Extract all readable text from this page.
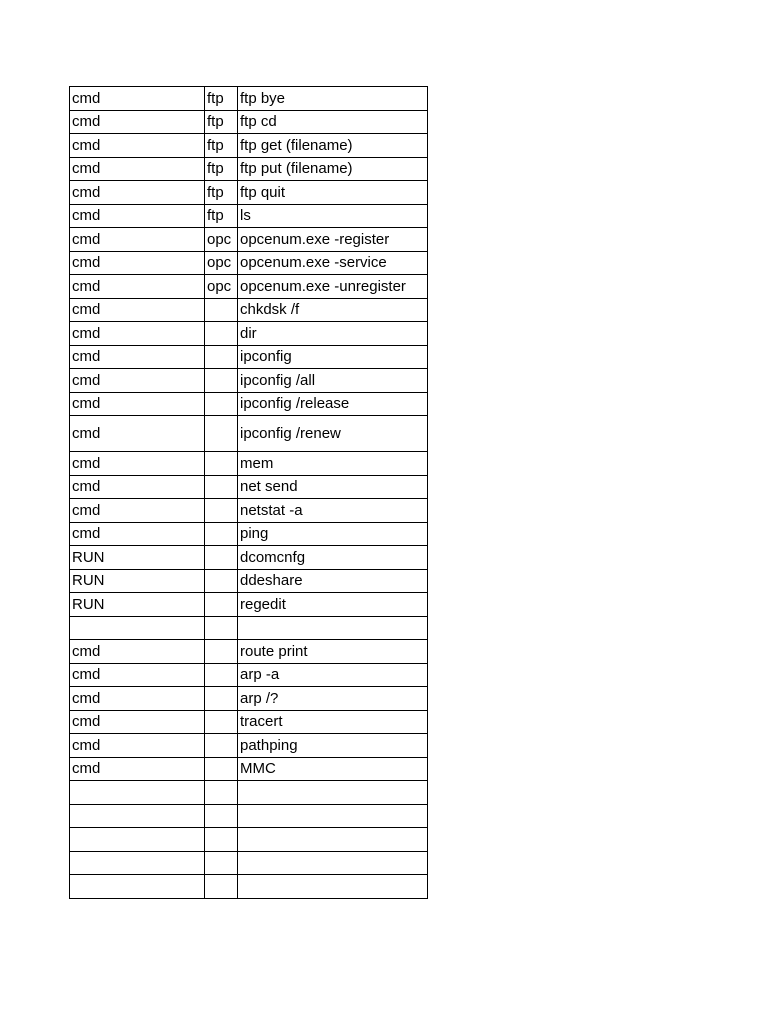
cmd	ftp	ftp bye
cmd	ftp	ftp cd
cmd	ftp	ftp get (filename)
cmd	ftp	ftp put (filename)
cmd	ftp	ftp quit
cmd	ftp	ls
cmd	opc	opcenum.exe -register
cmd	opc	opcenum.exe -service
cmd	opc	opcenum.exe -unregister
cmd		chkdsk /f
cmd		dir
cmd		ipconfig
cmd		ipconfig /all
cmd		ipconfig /release
cmd		ipconfig /renew
cmd		mem
cmd		net send
cmd		netstat -a
cmd		ping
RUN		dcomcnfg
RUN		ddeshare
RUN		regedit

cmd		route print
cmd		arp -a
cmd		arp /?
cmd		tracert
cmd		pathping
cmd		MMC
